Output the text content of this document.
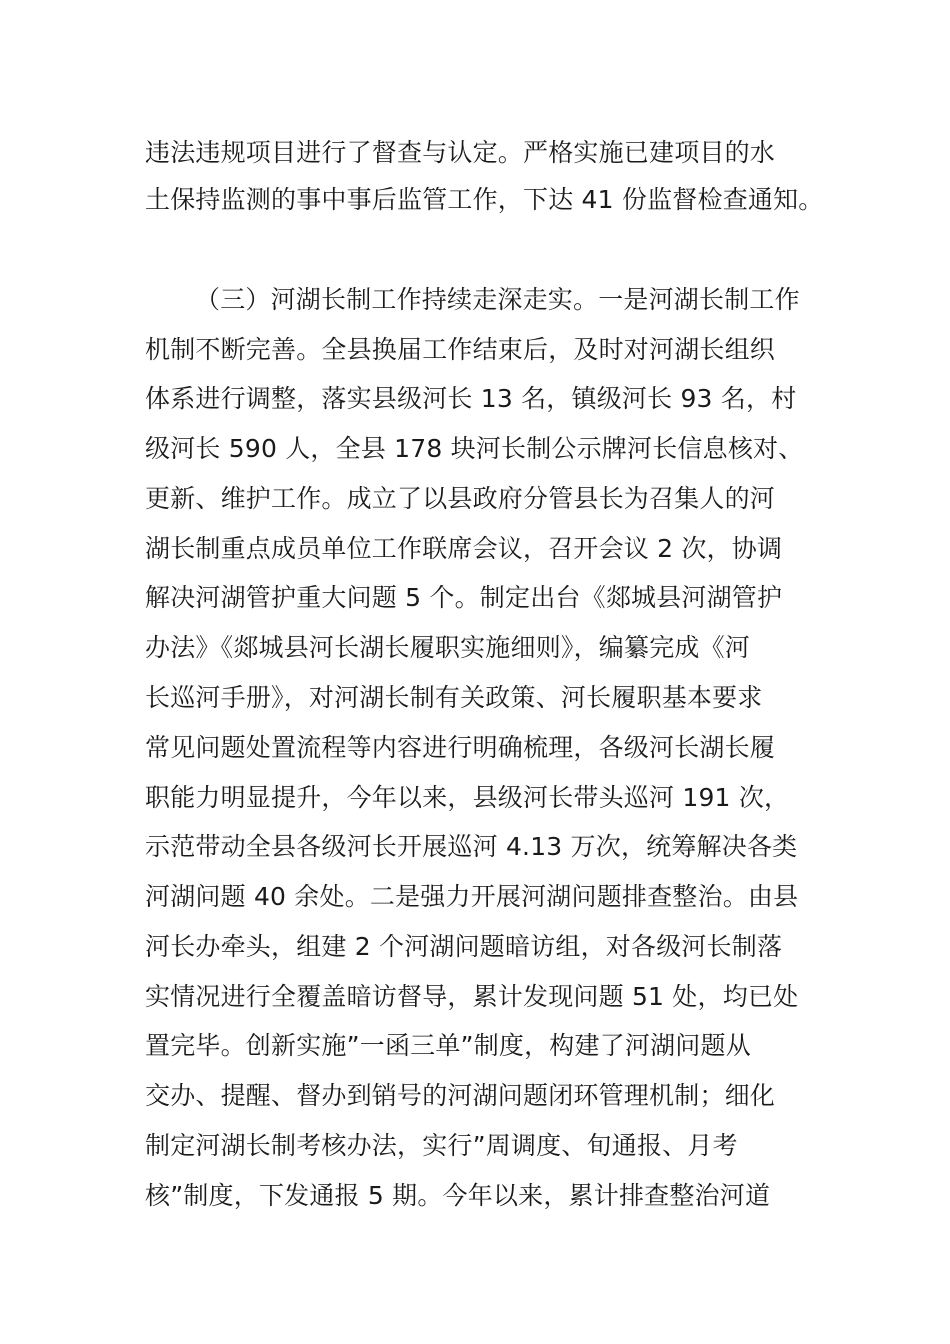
违法违规项目进行了督查与认定。严格实施已建项目的水
土保持监测的事中事后监管工作，下达 41 份监督检查通知。
（三）河湖长制工作持续走深走实。一是河湖长制工作
机制不断完善。全县换届工作结束后，及时对河湖长组织
体系进行调整，落实县级河长 13 名，镇级河长 93 名，村
级河长 590 人，全县 178 块河长制公示牌河长信息核对、
更新、维护工作。成立了以县政府分管县长为召集人的河
湖长制重点成员单位工作联席会议，召开会议 2 次，协调
解决河湖管护重大问题 5 个。制定出台《郯城县河湖管护
办法》《郯城县河长湖长履职实施细则》，编纂完成《河
长巡河手册》，对河湖长制有关政策、河长履职基本要求
常见问题处置流程等内容进行明确梳理，各级河长湖长履
职能力明显提升，今年以来，县级河长带头巡河 191 次，
示范带动全县各级河长开展巡河 4.13 万次，统筹解决各类
河湖问题 40 余处。二是强力开展河湖问题排查整治。由县
河长办牵头，组建 2 个河湖问题暗访组，对各级河长制落
实情况进行全覆盖暗访督导，累计发现问题 51 处，均已处
置完毕。创新实施”一函三单”制度，构建了河湖问题从
交办、提醒、督办到销号的河湖问题闭环管理机制；细化
制定河湖长制考核办法，实行”周调度、旬通报、月考
核”制度，下发通报 5 期。今年以来，累计排查整治河道
